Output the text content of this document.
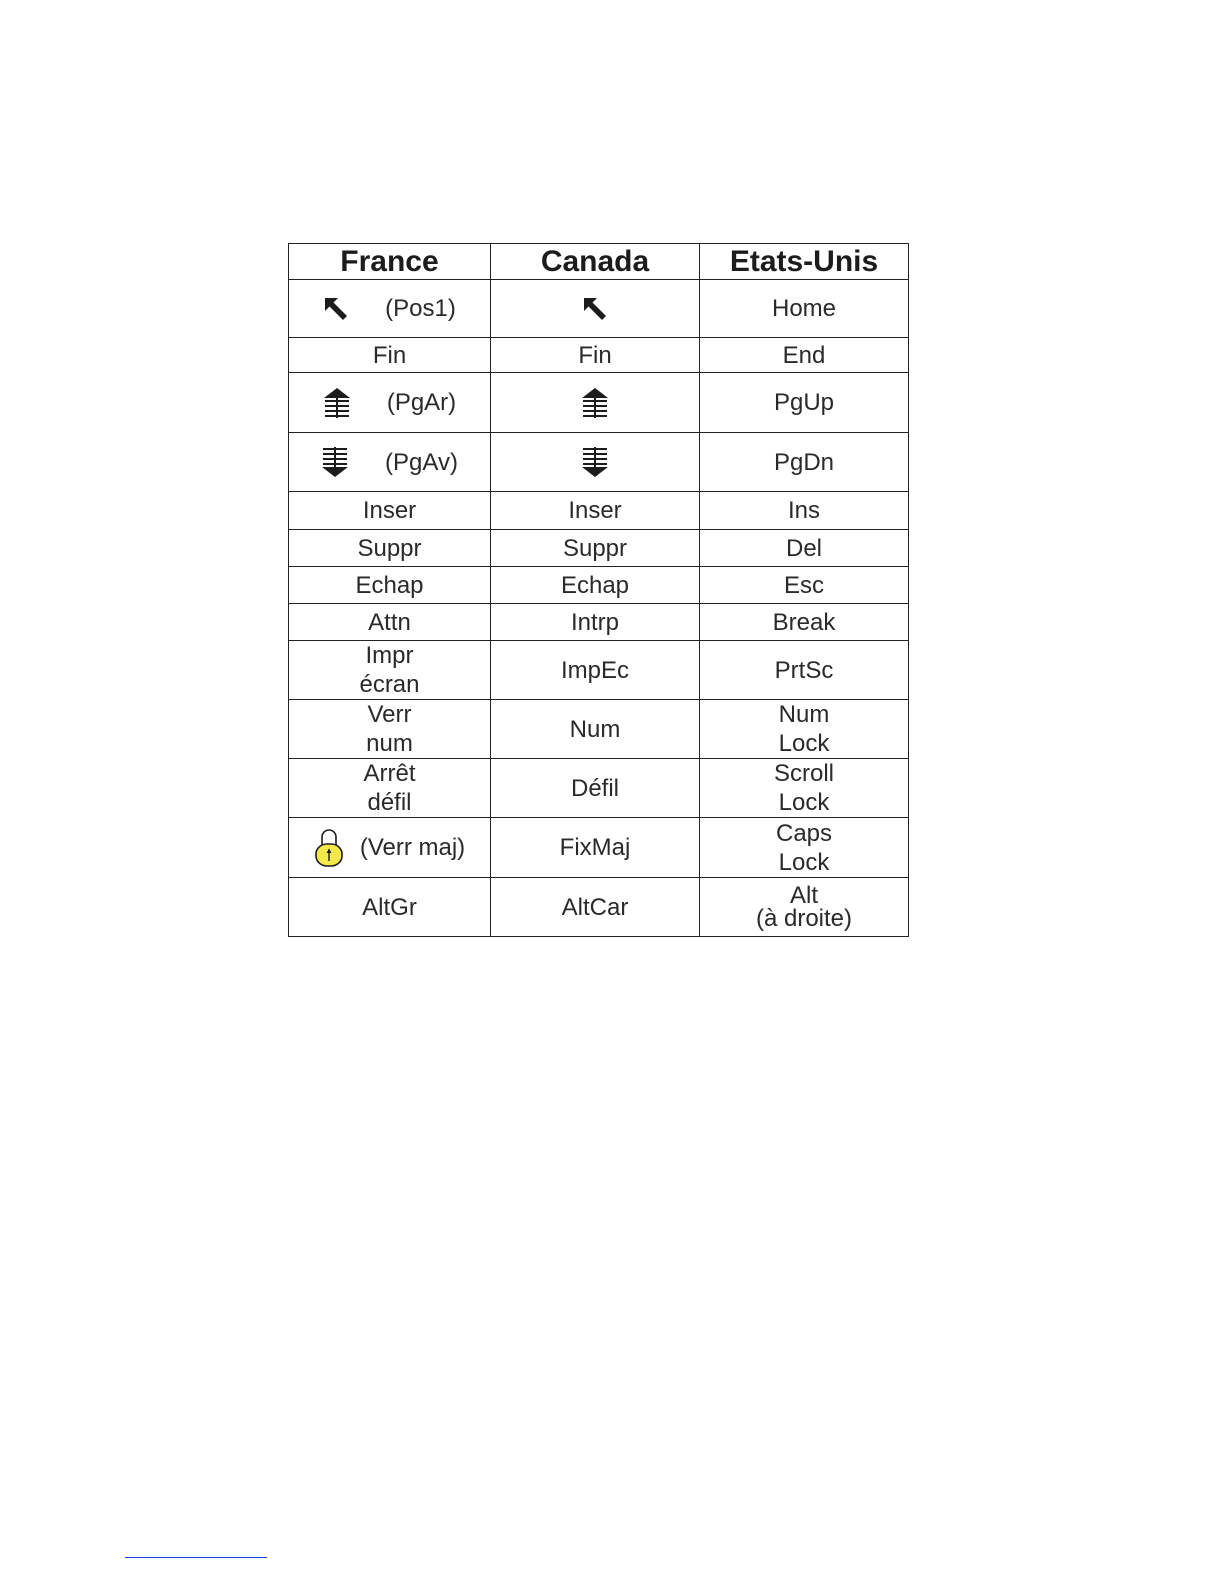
France	Canada	Etats-Unis

(Pos1)		Home
Fin	Fin	End

(PgAr)		PgUp

(PgAv)		PgDn
Inser	Inser	Ins
Suppr	Suppr	Del
Echap	Echap	Esc
Attn	Intrp	Break

Impr
écran	ImpEc	PrtSc

Verr
num	Num	Num
Lock

Arrêt
défil	Défil	Scroll
Lock

(Verr maj)	FixMaj	Caps
Lock

AltGr	AltCar	Alt
(à droite)
